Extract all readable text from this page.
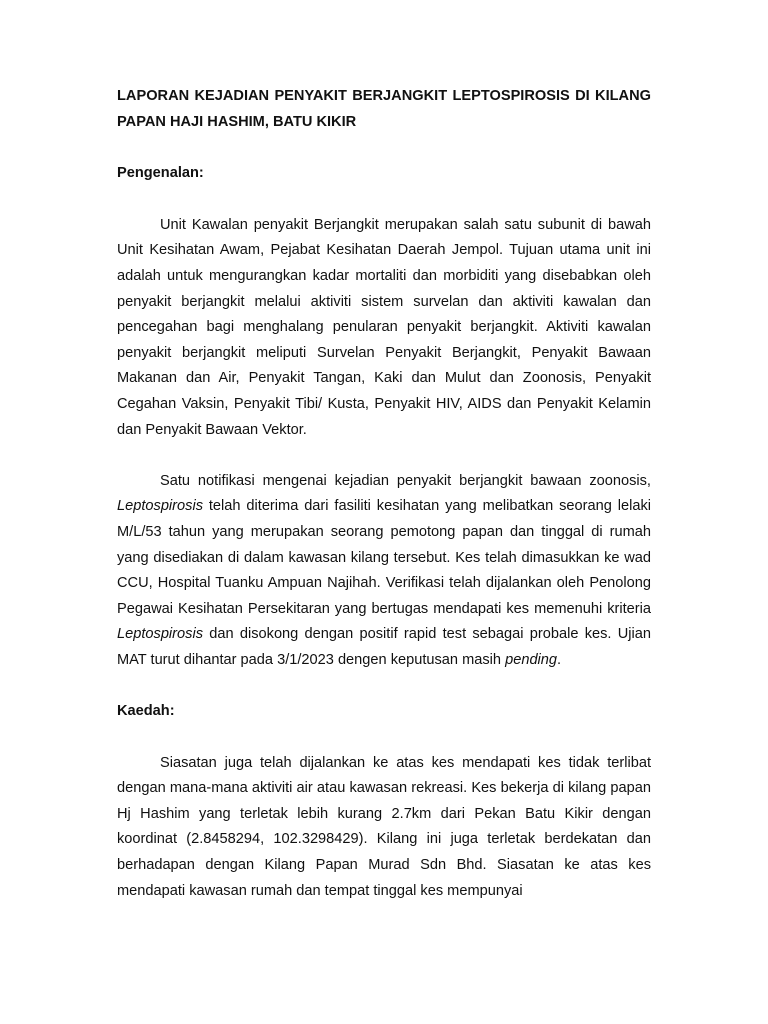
LAPORAN KEJADIAN PENYAKIT BERJANGKIT LEPTOSPIROSIS DI KILANG PAPAN HAJI HASHIM, BATU KIKIR
Pengenalan:

Unit Kawalan penyakit Berjangkit merupakan salah satu subunit di bawah Unit Kesihatan Awam, Pejabat Kesihatan Daerah Jempol. Tujuan utama unit ini adalah untuk mengurangkan kadar mortaliti dan morbiditi yang disebabkan oleh penyakit berjangkit melalui aktiviti sistem survelan dan aktiviti kawalan dan pencegahan bagi menghalang penularan penyakit berjangkit. Aktiviti kawalan penyakit berjangkit meliputi Survelan Penyakit Berjangkit, Penyakit Bawaan Makanan dan Air, Penyakit Tangan, Kaki dan Mulut dan Zoonosis, Penyakit Cegahan Vaksin, Penyakit Tibi/ Kusta, Penyakit HIV, AIDS dan Penyakit Kelamin dan Penyakit Bawaan Vektor.

Satu notifikasi mengenai kejadian penyakit berjangkit bawaan zoonosis, Leptospirosis telah diterima dari fasiliti kesihatan yang melibatkan seorang lelaki M/L/53 tahun yang merupakan seorang pemotong papan dan tinggal di rumah yang disediakan di dalam kawasan kilang tersebut. Kes telah dimasukkan ke wad CCU, Hospital Tuanku Ampuan Najihah. Verifikasi telah dijalankan oleh Penolong Pegawai Kesihatan Persekitaran yang bertugas mendapati kes memenuhi kriteria Leptospirosis dan disokong dengan positif rapid test sebagai probale kes. Ujian MAT turut dihantar pada 3/1/2023 dengen keputusan masih pending.

Kaedah:

Siasatan juga telah dijalankan ke atas kes mendapati kes tidak terlibat dengan mana-mana aktiviti air atau kawasan rekreasi. Kes bekerja di kilang papan Hj Hashim yang terletak lebih kurang 2.7km dari Pekan Batu Kikir dengan koordinat (2.8458294, 102.3298429). Kilang ini juga terletak berdekatan dan berhadapan dengan Kilang Papan Murad Sdn Bhd. Siasatan ke atas kes mendapati kawasan rumah dan tempat tinggal kes mempunyai
